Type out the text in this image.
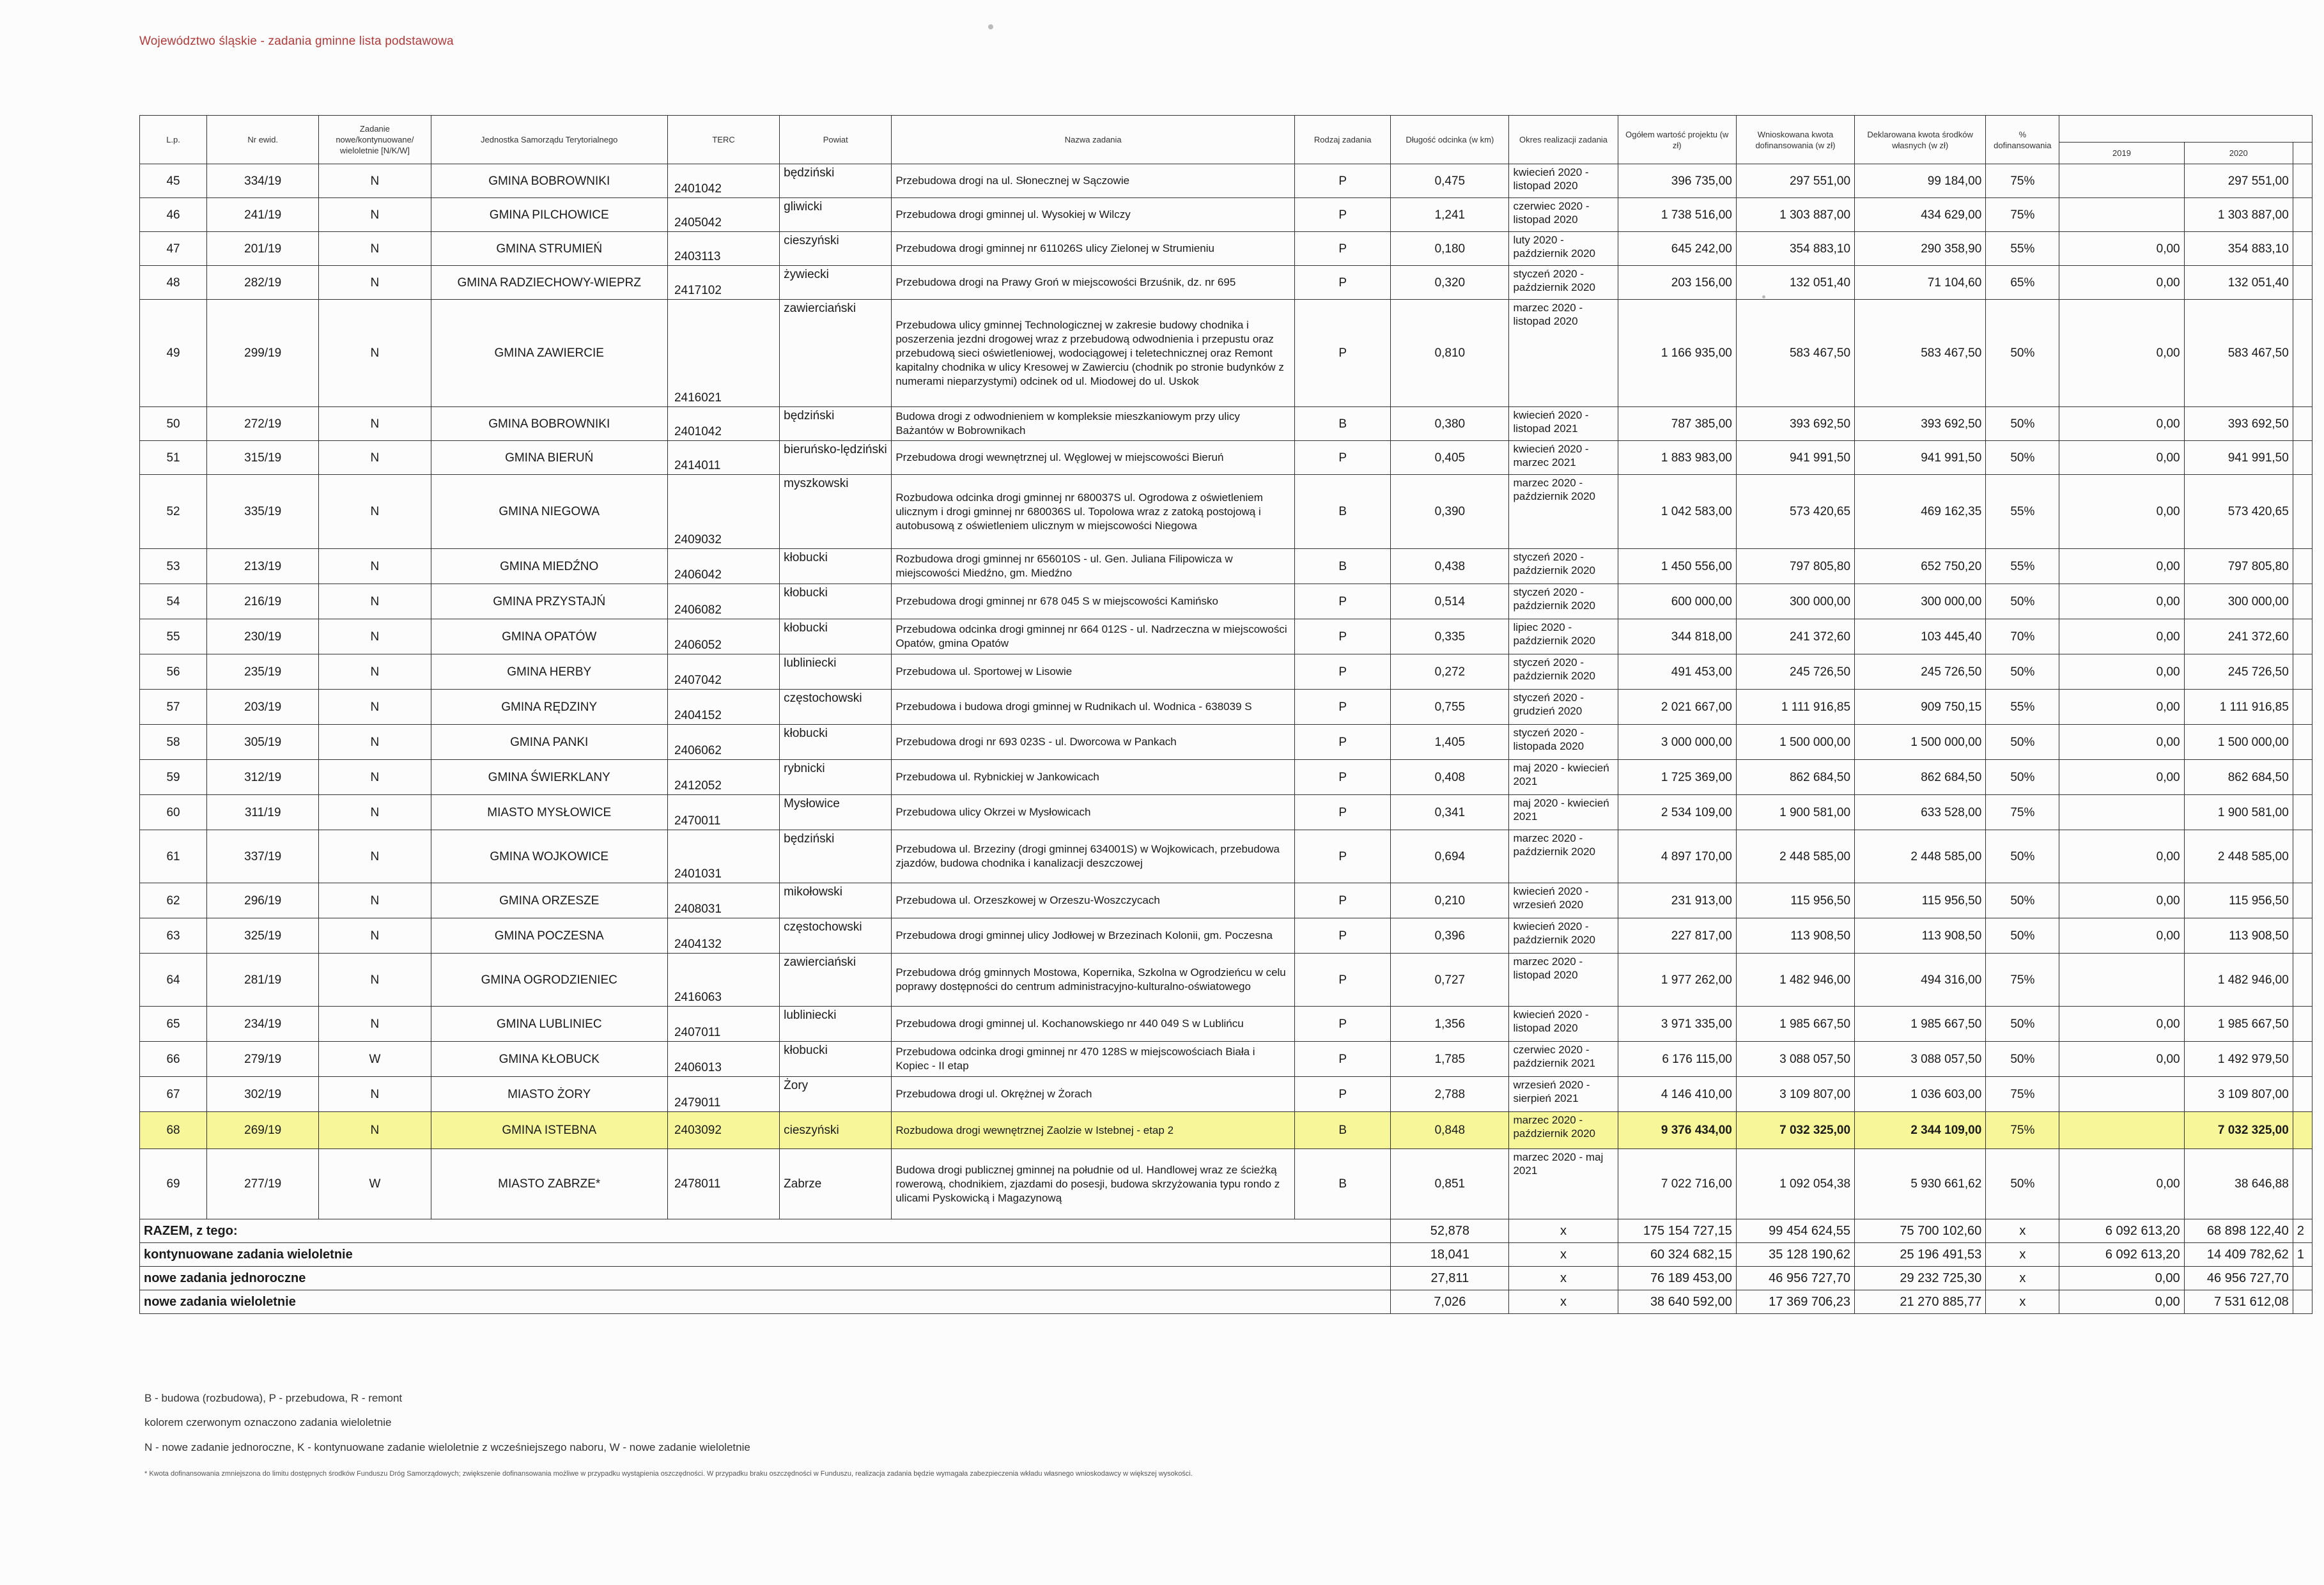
Województwo śląskie - zadania gminne lista podstawowa
L.p.	Nr ewid.	Zadanie nowe/kontynuowane/ wieloletnie [N/K/W]	Jednostka Samorządu Terytorialnego	TERC	Powiat	Nazwa zadania	Rodzaj zadania	Długość odcinka (w km)	Okres realizacji zadania	Ogółem wartość projektu (w zł)	Wnioskowana kwota dofinansowania (w zł)	Deklarowana kwota środków własnych (w zł)	% dofinansowania			
														2019	2020	
45	334/19	N	GMINA BOBROWNIKI	2401042	będziński	Przebudowa drogi na ul. Słonecznej w Sączowie	P	0,475	kwiecień 2020 - listopad 2020	396 735,00	297 551,00	99 184,00	75%		297 551,00	
46	241/19	N	GMINA PILCHOWICE	2405042	gliwicki	Przebudowa drogi gminnej ul. Wysokiej w Wilczy	P	1,241	czerwiec 2020 - listopad 2020	1 738 516,00	1 303 887,00	434 629,00	75%		1 303 887,00	
47	201/19	N	GMINA STRUMIEŃ	2403113	cieszyński	Przebudowa drogi gminnej nr 611026S ulicy Zielonej w Strumieniu	P	0,180	luty 2020 - październik 2020	645 242,00	354 883,10	290 358,90	55%	0,00	354 883,10	
48	282/19	N	GMINA RADZIECHOWY-WIEPRZ	2417102	żywiecki	Przebudowa drogi na Prawy Groń w miejscowości Brzuśnik, dz. nr 695	P	0,320	styczeń 2020 - październik 2020	203 156,00	132 051,40	71 104,60	65%	0,00	132 051,40	
49	299/19	N	GMINA ZAWIERCIE	2416021	zawierciański	Przebudowa ulicy gminnej Technologicznej w zakresie budowy chodnika i poszerzenia jezdni drogowej wraz z przebudową odwodnienia i przepustu oraz przebudową sieci oświetleniowej, wodociągowej i teletechnicznej oraz Remont kapitalny chodnika w ulicy Kresowej w Zawierciu (chodnik po stronie budynków z numerami nieparzystymi) odcinek od ul. Miodowej do ul. Uskok	P	0,810	marzec 2020 - listopad 2020	1 166 935,00	583 467,50	583 467,50	50%	0,00	583 467,50	
50	272/19	N	GMINA BOBROWNIKI	2401042	będziński	Budowa drogi z odwodnieniem w kompleksie mieszkaniowym przy ulicy Bażantów w Bobrownikach	B	0,380	kwiecień 2020 - listopad 2021	787 385,00	393 692,50	393 692,50	50%	0,00	393 692,50	
51	315/19	N	GMINA BIERUŃ	2414011	bieruńsko-lędziński	Przebudowa drogi wewnętrznej ul. Węglowej w miejscowości Bieruń	P	0,405	kwiecień 2020 - marzec 2021	1 883 983,00	941 991,50	941 991,50	50%	0,00	941 991,50	
52	335/19	N	GMINA NIEGOWA	2409032	myszkowski	Rozbudowa odcinka drogi gminnej nr 680037S ul. Ogrodowa z oświetleniem ulicznym i drogi gminnej nr 680036S ul. Topolowa wraz z zatoką postojową i autobusową z oświetleniem ulicznym w miejscowości Niegowa	B	0,390	marzec 2020 - październik 2020	1 042 583,00	573 420,65	469 162,35	55%	0,00	573 420,65	
53	213/19	N	GMINA MIEDŹNO	2406042	kłobucki	Rozbudowa drogi gminnej nr 656010S - ul. Gen. Juliana Filipowicza w miejscowości Miedźno, gm. Miedźno	B	0,438	styczeń 2020 - październik 2020	1 450 556,00	797 805,80	652 750,20	55%	0,00	797 805,80	
54	216/19	N	GMINA PRZYSTAJŃ	2406082	kłobucki	Przebudowa drogi gminnej nr 678 045 S w miejscowości Kamińsko	P	0,514	styczeń 2020 - październik 2020	600 000,00	300 000,00	300 000,00	50%	0,00	300 000,00	
55	230/19	N	GMINA OPATÓW	2406052	kłobucki	Przebudowa odcinka drogi gminnej nr 664 012S - ul. Nadrzeczna w miejscowości Opatów, gmina Opatów	P	0,335	lipiec 2020 - październik 2020	344 818,00	241 372,60	103 445,40	70%	0,00	241 372,60	
56	235/19	N	GMINA HERBY	2407042	lubliniecki	Przebudowa ul. Sportowej w Lisowie	P	0,272	styczeń 2020 - październik 2020	491 453,00	245 726,50	245 726,50	50%	0,00	245 726,50	
57	203/19	N	GMINA RĘDZINY	2404152	częstochowski	Przebudowa i budowa drogi gminnej w Rudnikach ul. Wodnica - 638039 S	P	0,755	styczeń 2020 - grudzień 2020	2 021 667,00	1 111 916,85	909 750,15	55%	0,00	1 111 916,85	
58	305/19	N	GMINA PANKI	2406062	kłobucki	Przebudowa drogi nr 693 023S - ul. Dworcowa w Pankach	P	1,405	styczeń 2020 - listopada 2020	3 000 000,00	1 500 000,00	1 500 000,00	50%	0,00	1 500 000,00	
59	312/19	N	GMINA ŚWIERKLANY	2412052	rybnicki	Przebudowa ul. Rybnickiej w Jankowicach	P	0,408	maj 2020 - kwiecień 2021	1 725 369,00	862 684,50	862 684,50	50%	0,00	862 684,50	
60	311/19	N	MIASTO MYSŁOWICE	2470011	Mysłowice	Przebudowa ulicy Okrzei w Mysłowicach	P	0,341	maj 2020 - kwiecień 2021	2 534 109,00	1 900 581,00	633 528,00	75%		1 900 581,00	
61	337/19	N	GMINA WOJKOWICE	2401031	będziński	Przebudowa ul. Brzeziny (drogi gminnej 634001S) w Wojkowicach, przebudowa zjazdów, budowa chodnika i kanalizacji deszczowej	P	0,694	marzec 2020 - październik 2020	4 897 170,00	2 448 585,00	2 448 585,00	50%	0,00	2 448 585,00	
62	296/19	N	GMINA ORZESZE	2408031	mikołowski	Przebudowa ul. Orzeszkowej w Orzeszu-Woszczycach	P	0,210	kwiecień 2020 - wrzesień 2020	231 913,00	115 956,50	115 956,50	50%	0,00	115 956,50	
63	325/19	N	GMINA POCZESNA	2404132	częstochowski	Przebudowa drogi gminnej ulicy Jodłowej w Brzezinach Kolonii, gm. Poczesna	P	0,396	kwiecień 2020 - październik 2020	227 817,00	113 908,50	113 908,50	50%	0,00	113 908,50	
64	281/19	N	GMINA OGRODZIENIEC	2416063	zawierciański	Przebudowa dróg gminnych Mostowa, Kopernika, Szkolna w Ogrodzieńcu w celu poprawy dostępności do centrum administracyjno-kulturalno-oświatowego	P	0,727	marzec 2020 - listopad 2020	1 977 262,00	1 482 946,00	494 316,00	75%		1 482 946,00	
65	234/19	N	GMINA LUBLINIEC	2407011	lubliniecki	Przebudowa drogi gminnej ul. Kochanowskiego nr 440 049 S w Lublińcu	P	1,356	kwiecień 2020 - listopad 2020	3 971 335,00	1 985 667,50	1 985 667,50	50%	0,00	1 985 667,50	
66	279/19	W	GMINA KŁOBUCK	2406013	kłobucki	Przebudowa odcinka drogi gminnej nr 470 128S w miejscowościach Biała i Kopiec - II etap	P	1,785	czerwiec 2020 - październik 2021	6 176 115,00	3 088 057,50	3 088 057,50	50%	0,00	1 492 979,50	
67	302/19	N	MIASTO ŻORY	2479011	Żory	Przebudowa drogi ul. Okrężnej w Żorach	P	2,788	wrzesień 2020 - sierpień 2021	4 146 410,00	3 109 807,00	1 036 603,00	75%		3 109 807,00	
68	269/19	N	GMINA ISTEBNA	2403092	cieszyński	Rozbudowa drogi wewnętrznej Zaolzie w Istebnej - etap 2	B	0,848	marzec 2020 - październik 2020	9 376 434,00	7 032 325,00	2 344 109,00	75%		7 032 325,00	
69	277/19	W	MIASTO ZABRZE*	2478011	Zabrze	Budowa drogi publicznej gminnej na południe od ul. Handlowej wraz ze ścieżką rowerową, chodnikiem, zjazdami do posesji, budowa skrzyżowania typu rondo z ulicami Pyskowicką i Magazynową	B	0,851	marzec 2020 - maj 2021	7 022 716,00	1 092 054,38	5 930 661,62	50%	0,00	38 646,88	
RAZEM, z tego:								52,878	x	175 154 727,15	99 454 624,55	75 700 102,60	x	6 092 613,20	68 898 122,40	2
kontynuowane zadania wieloletnie								18,041	x	60 324 682,15	35 128 190,62	25 196 491,53	x	6 092 613,20	14 409 782,62	1
nowe zadania jednoroczne								27,811	x	76 189 453,00	46 956 727,70	29 232 725,30	x	0,00	46 956 727,70	
nowe zadania wieloletnie								7,026	x	38 640 592,00	17 369 706,23	21 270 885,77	x	0,00	7 531 612,08	
B - budowa (rozbudowa), P - przebudowa, R - remont
kolorem czerwonym oznaczono zadania wieloletnie
N - nowe zadanie jednoroczne, K - kontynuowane zadanie wieloletnie z wcześniejszego naboru, W - nowe zadanie wieloletnie
* Kwota dofinansowania zmniejszona do limitu dostępnych środków Funduszu Dróg Samorządowych; zwiększenie dofinansowania możliwe w przypadku wystąpienia oszczędności. W przypadku braku oszczędności w Funduszu, realizacja zadania będzie wymagała zabezpieczenia wkładu własnego wnioskodawcy w większej wysokości.
